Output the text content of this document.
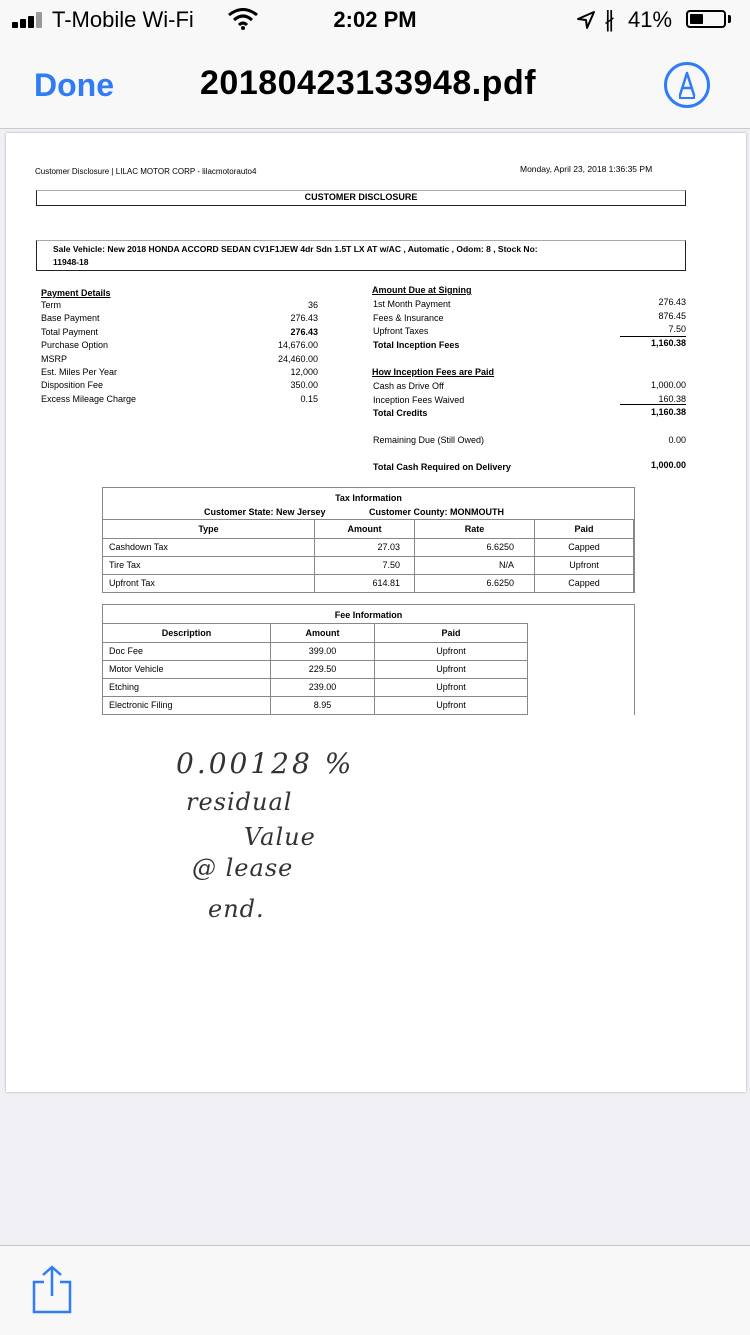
T-Mobile Wi-Fi	2:02 PM	∦ 41%
Done	20180423133948.pdf
Customer Disclosure | LILAC MOTOR CORP - lilacmotorauto4	Monday, April 23, 2018 1:36:35 PM
CUSTOMER DISCLOSURE
Sale Vehicle: New 2018 HONDA ACCORD SEDAN CV1F1JEW 4dr Sdn 1.5T LX AT w/AC , Automatic , Odom: 8 , Stock No:
11948-18
Payment Details
Term	36
Base Payment	276.43
Total Payment	276.43
Purchase Option	14,676.00
MSRP	24,460.00
Est. Miles Per Year	12,000
Disposition Fee	350.00
Excess Mileage Charge	0.15
Amount Due at Signing
1st Month Payment	276.43
Fees & Insurance	876.45
Upfront Taxes	7.50
Total Inception Fees	1,160.38
How Inception Fees are Paid
Cash as Drive Off	1,000.00
Inception Fees Waived	160.38
Total Credits	1,160.38
Remaining Due (Still Owed)	0.00
Total Cash Required on Delivery	1,000.00
Tax Information
Customer State: New Jersey	Customer County: MONMOUTH
Type	Amount	Rate	Paid
Cashdown Tax	27.03	6.6250	Capped
Tire Tax	7.50	N/A	Upfront
Upfront Tax	614.81	6.6250	Capped
Fee Information
Description	Amount	Paid
Doc Fee	399.00	Upfront
Motor Vehicle	229.50	Upfront
Etching	239.00	Upfront
Electronic Filing	8.95	Upfront
0.00128 %
residual
Value
@ lease
end.
